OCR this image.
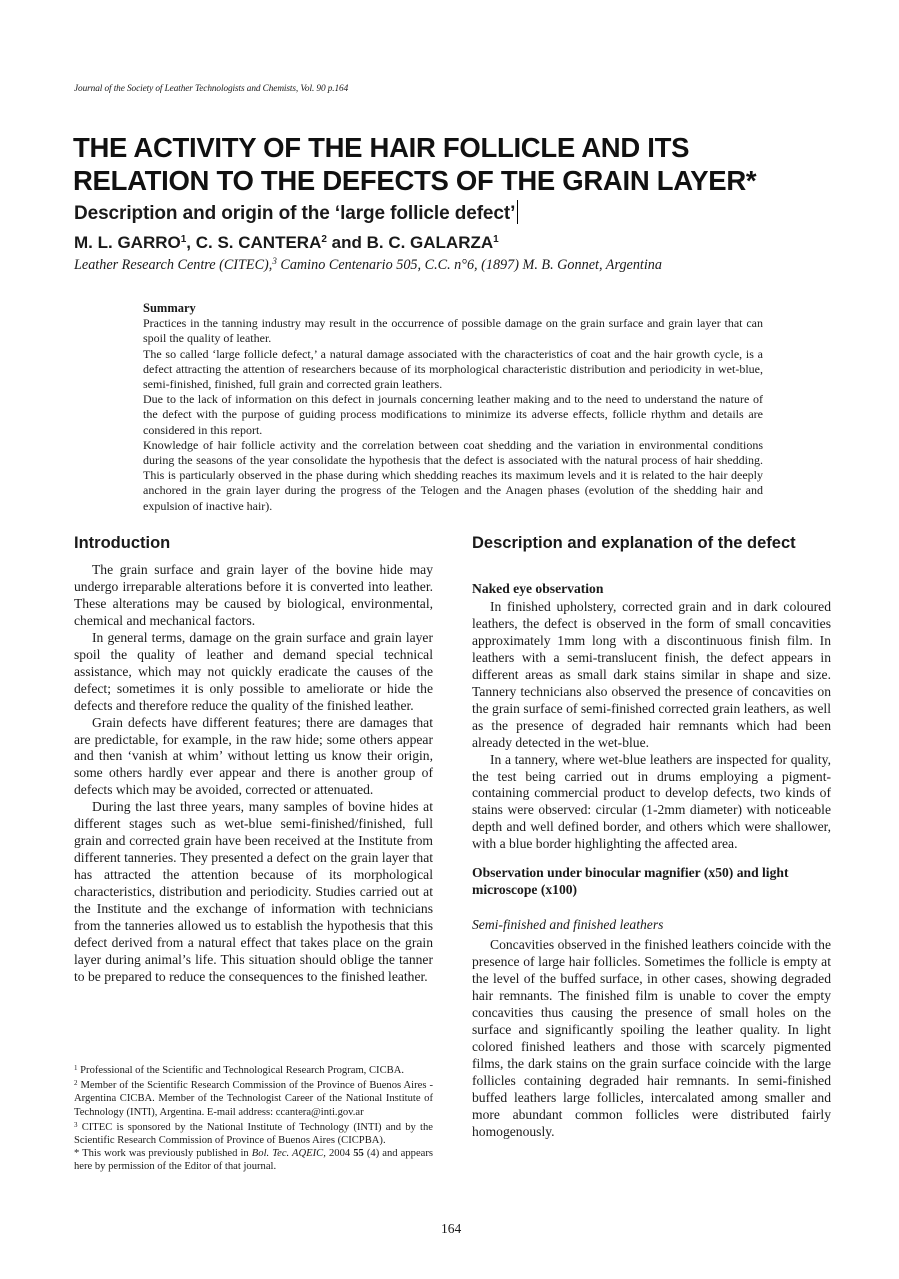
Journal of the Society of Leather Technologists and Chemists, Vol. 90 p.164
THE ACTIVITY OF THE HAIR FOLLICLE AND ITS
RELATION TO THE DEFECTS OF THE GRAIN LAYER*
Description and origin of the ‘large follicle defect’
M. L. GARRO$^1$, C. S. CANTERA$^2$ and B. C. GALARZA$^1$
Leather Research Centre (CITEC),$^3$ Camino Centenario 505, C.C. n°6, (1897) M. B. Gonnet, Argentina
Summary

Practices in the tanning industry may result in the occurrence of possible damage on the grain surface and grain layer that can spoil the quality of leather.

The so called ‘large follicle defect,’ a natural damage associated with the characteristics of coat and the hair growth cycle, is a defect attracting the attention of researchers because of its morphological characteristic distribution and periodicity in wet-blue, semi-finished, finished, full grain and corrected grain leathers.

Due to the lack of information on this defect in journals concerning leather making and to the need to understand the nature of the defect with the purpose of guiding process modifications to minimize its adverse effects, follicle rhythm and details are considered in this report.

Knowledge of hair follicle activity and the correlation between coat shedding and the variation in environmental conditions during the seasons of the year consolidate the hypothesis that the defect is associated with the natural process of hair shedding. This is particularly observed in the phase during which shedding reaches its maximum levels and it is related to the hair deeply anchored in the grain layer during the progress of the Telogen and the Anagen phases (evolution of the shedding hair and expulsion of inactive hair).

Introduction

The grain surface and grain layer of the bovine hide may undergo irreparable alterations before it is converted into leather. These alterations may be caused by biological, environmental, chemical and mechanical factors.

In general terms, damage on the grain surface and grain layer spoil the quality of leather and demand special technical assistance, which may not quickly eradicate the causes of the defect; sometimes it is only possible to ameliorate or hide the defects and therefore reduce the quality of the finished leather.

Grain defects have different features; there are damages that are predictable, for example, in the raw hide; some others appear and then ‘vanish at whim’ without letting us know their origin, some others hardly ever appear and there is another group of defects which may be avoided, corrected or attenuated.

During the last three years, many samples of bovine hides at different stages such as wet-blue semi-finished/finished, full grain and corrected grain have been received at the Institute from different tanneries. They presented a defect on the grain layer that has attracted the attention because of its morphological characteristics, distribution and periodicity. Studies carried out at the Institute and the exchange of information with technicians from the tanneries allowed us to establish the hypothesis that this defect derived from a natural effect that takes place on the grain layer during animal’s life. This situation should oblige the tanner to be prepared to reduce the consequences to the finished leather.

$^1$ Professional of the Scientific and Technological Research Program, CICBA.

$^2$ Member of the Scientific Research Commission of the Province of Buenos Aires - Argentina CICBA. Member of the Technologist Career of the National Institute of Technology (INTI), Argentina. E-mail address: ccantera@inti.gov.ar

$^3$ CITEC is sponsored by the National Institute of Technology (INTI) and by the Scientific Research Commission of Province of Buenos Aires (CICPBA).

* This work was previously published in Bol. Tec. AQEIC, 2004 55 (4) and appears here by permission of the Editor of that journal.

Description and explanation of the defect
Naked eye observation

In finished upholstery, corrected grain and in dark coloured leathers, the defect is observed in the form of small concavities approximately 1mm long with a discontinuous finish film. In leathers with a semi-translucent finish, the defect appears in different areas as small dark stains similar in shape and size. Tannery technicians also observed the presence of concavities on the grain surface of semi-finished corrected grain leathers, as well as the presence of degraded hair remnants which had been already detected in the wet-blue.

In a tannery, where wet-blue leathers are inspected for quality, the test being carried out in drums employing a pigment-containing commercial product to develop defects, two kinds of stains were observed: circular (1-2mm diameter) with noticeable depth and well defined border, and others which were shallower, with a blue border highlighting the affected area.

Observation under binocular magnifier (x50) and light microscope (x100)
Semi-finished and finished leathers

Concavities observed in the finished leathers coincide with the presence of large hair follicles. Sometimes the follicle is empty at the level of the buffed surface, in other cases, showing degraded hair remnants. The finished film is unable to cover the empty concavities thus causing the presence of small holes on the surface and significantly spoiling the leather quality. In light colored finished leathers and those with scarcely pigmented films, the dark stains on the grain surface coincide with the large follicles containing degraded hair remnants. In semi-finished buffed leathers large follicles, intercalated among smaller and more abundant common follicles were distributed fairly homogenously.

164
